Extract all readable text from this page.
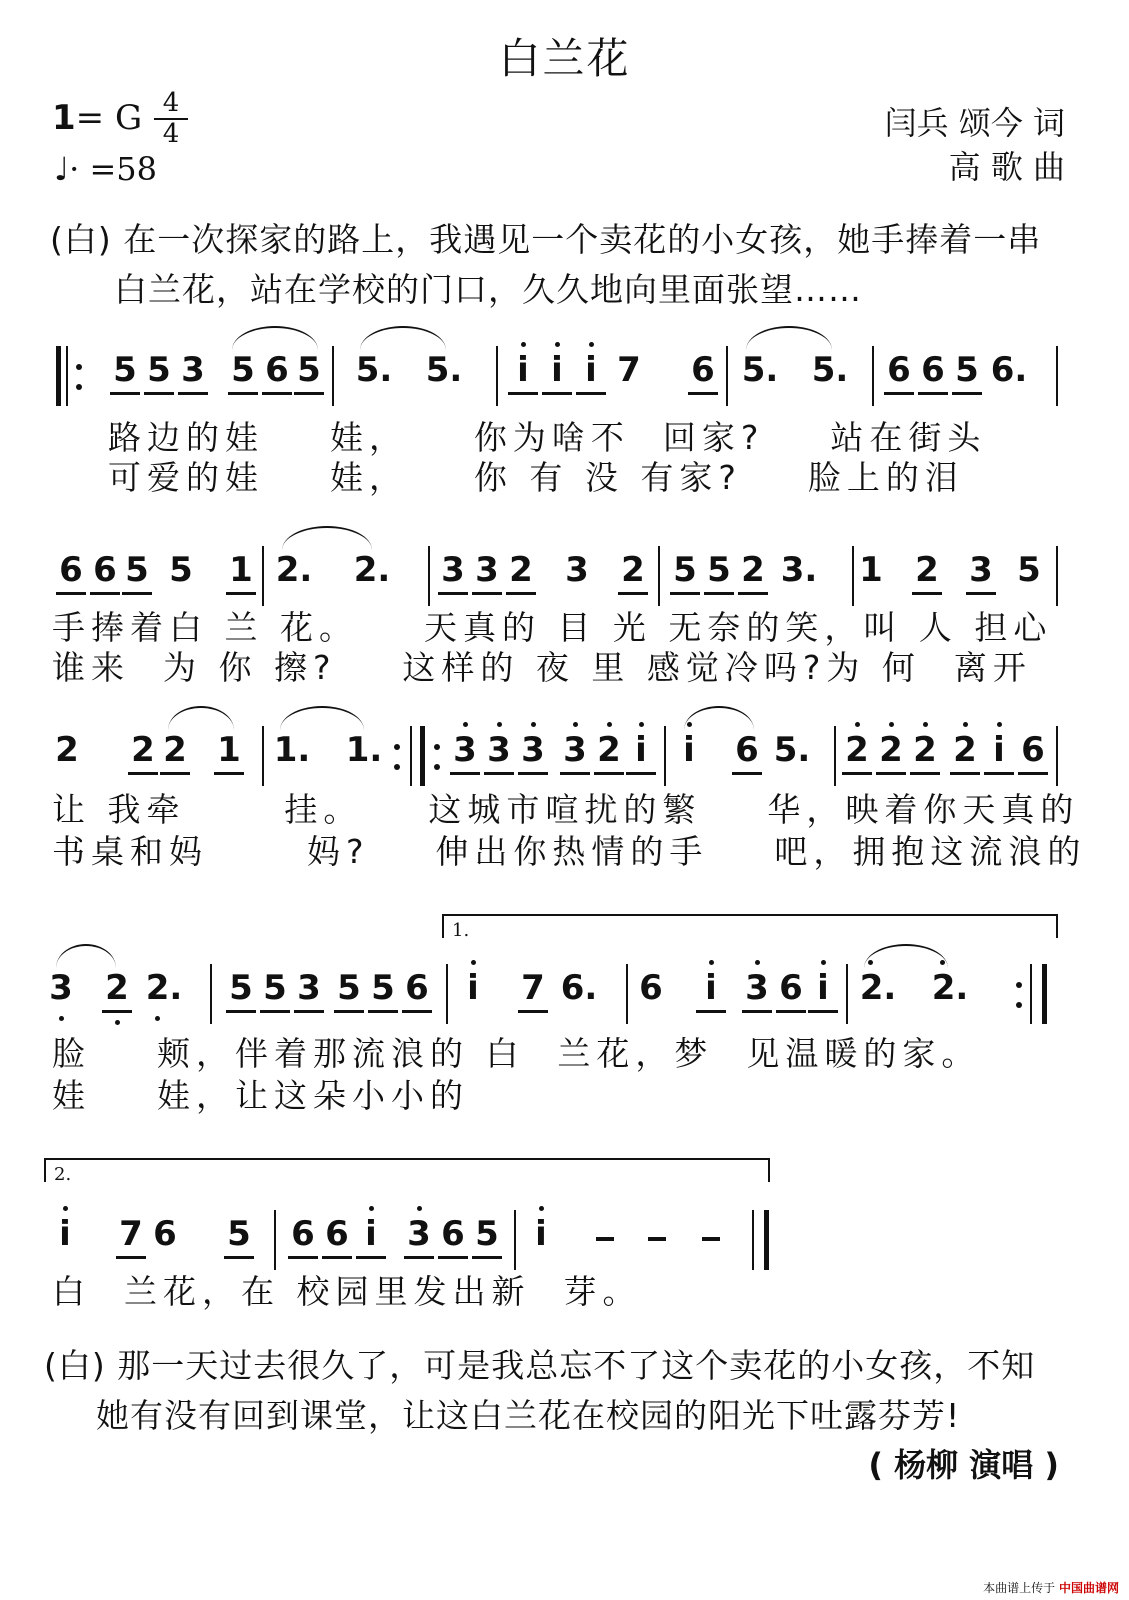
白兰花
1= G 4
4
♩· =58
闫兵 颂今 词
高 歌 曲
(白) 在一次探家的路上，我遇见一个卖花的小女孩，她手捧着一串
白兰花，站在学校的门口，久久地向里面张望……
5 5 3 5 6 5 5. 5. i i i 7 6 5. 5. 6 6 5 6.
路边的娃    娃，    你为啥不  回家?    站在街头
可爱的娃    娃，    你 有 没 有家?    脸上的泪
6 6 5 5 1 2. 2. 3 3 2 3 2 5 5 2 3. 1 2 3 5
手捧着白 兰 花。    天真的 目 光 无奈的笑，叫 人 担心
谁来  为 你 擦?    这样的 夜 里 感觉冷吗?为 何  离开
2 2 2 1 1. 1. 3 3 3 3 2 i i 6 5. 2 2 2 2 i 6
让 我牵      挂。    这城市喧扰的繁    华，映着你天真的
书桌和妈      妈?    伸出你热情的手    吧，拥抱这流浪的
1.
3 2 2. 5 5 3 5 5 6 i 7 6. 6 i 3 6 i 2. 2.
脸    颊，伴着那流浪的 白  兰花，梦  见温暖的家。
娃    娃，让这朵小小的
2.
i 7 6 5 6 6 i 3 6 5 i
白  兰花，在 校园里发出新  芽。
(白) 那一天过去很久了，可是我总忘不了这个卖花的小女孩，不知
她有没有回到课堂，让这白兰花在校园的阳光下吐露芬芳!
( 杨柳 演唱 )
本曲谱上传于 中国曲谱网
